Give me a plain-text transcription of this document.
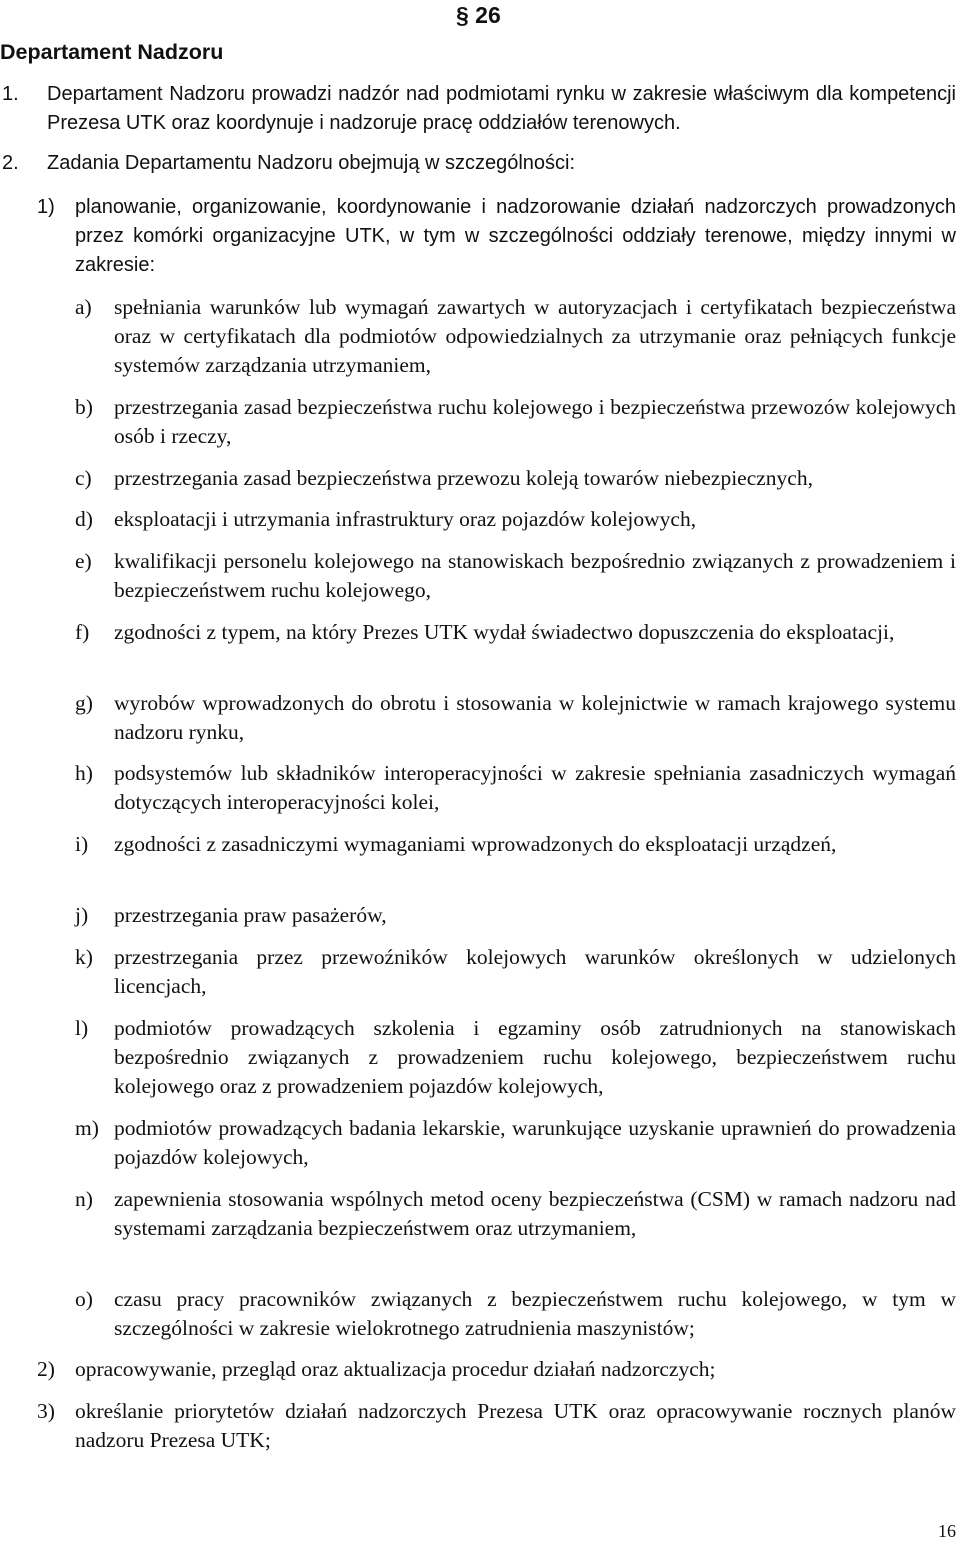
§ 26
Departament Nadzoru
1. Departament Nadzoru prowadzi nadzór nad podmiotami rynku w zakresie właściwym dla kompetencji Prezesa UTK oraz koordynuje i nadzoruje pracę oddziałów terenowych.
2. Zadania Departamentu Nadzoru obejmują w szczególności:
1) planowanie, organizowanie, koordynowanie i nadzorowanie działań nadzorczych prowadzonych przez komórki organizacyjne UTK, w tym w szczególności oddziały terenowe, między innymi w zakresie:
a) spełniania warunków lub wymagań zawartych w autoryzacjach i certyfikatach bezpieczeństwa oraz w certyfikatach dla podmiotów odpowiedzialnych za utrzymanie oraz pełniących funkcje systemów zarządzania utrzymaniem,
b) przestrzegania zasad bezpieczeństwa ruchu kolejowego i bezpieczeństwa przewozów kolejowych osób i rzeczy,
c) przestrzegania zasad bezpieczeństwa przewozu koleją towarów niebezpiecznych,
d) eksploatacji i utrzymania infrastruktury oraz pojazdów kolejowych,
e) kwalifikacji personelu kolejowego na stanowiskach bezpośrednio związanych z prowadzeniem i bezpieczeństwem ruchu kolejowego,
f) zgodności z typem, na który Prezes UTK wydał świadectwo dopuszczenia do eksploatacji,
g) wyrobów wprowadzonych do obrotu i stosowania w kolejnictwie w ramach krajowego systemu nadzoru rynku,
h) podsystemów lub składników interoperacyjności w zakresie spełniania zasadniczych wymagań dotyczących interoperacyjności kolei,
i) zgodności z zasadniczymi wymaganiami wprowadzonych do eksploatacji urządzeń,
j) przestrzegania praw pasażerów,
k) przestrzegania przez przewoźników kolejowych warunków określonych w udzielonych licencjach,
l) podmiotów prowadzących szkolenia i egzaminy osób zatrudnionych na stanowiskach bezpośrednio związanych z prowadzeniem ruchu kolejowego, bezpieczeństwem ruchu kolejowego oraz z prowadzeniem pojazdów kolejowych,
m) podmiotów prowadzących badania lekarskie, warunkujące uzyskanie uprawnień do prowadzenia pojazdów kolejowych,
n) zapewnienia stosowania wspólnych metod oceny bezpieczeństwa (CSM) w ramach nadzoru nad systemami zarządzania bezpieczeństwem oraz utrzymaniem,
o) czasu pracy pracowników związanych z bezpieczeństwem ruchu kolejowego, w tym w szczególności w zakresie wielokrotnego zatrudnienia maszynistów;
2) opracowywanie, przegląd oraz aktualizacja procedur działań nadzorczych;
3) określanie priorytetów działań nadzorczych Prezesa UTK oraz opracowywanie rocznych planów nadzoru Prezesa UTK;
16
